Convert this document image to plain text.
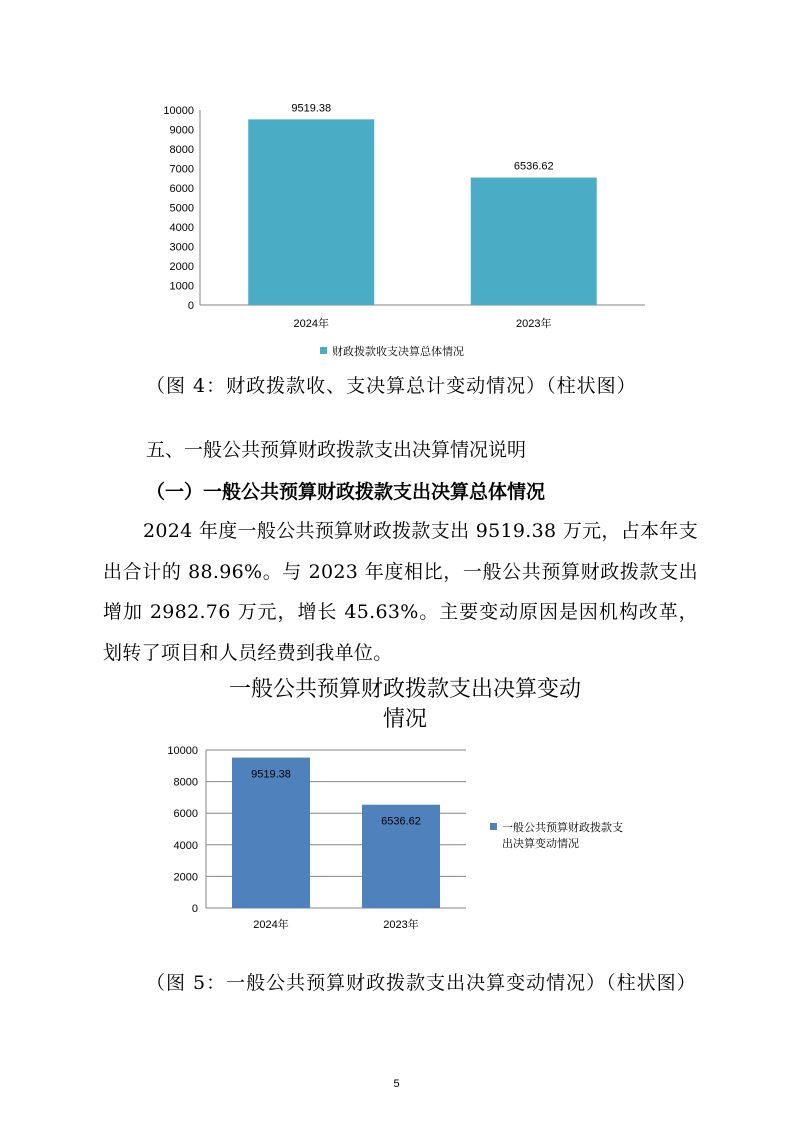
0
1000
2000
3000
4000
5000
6000
7000
8000
9000
10000	9519.38
2024年
6536.62
2023年
财政拨款收支决算总体情况
（图 4：财政拨款收、支决算总计变动情况）（柱状图）
五、一般公共预算财政拨款支出决算情况说明
（一）一般公共预算财政拨款支出决算总体情况
2024 年度一般公共预算财政拨款支出 9519.38 万元，占本年支出合计的 88.96%。与 2023 年度相比，一般公共预算财政拨款支出增加 2982.76 万元，增长 45.63%。主要变动原因是因机构改革，划转了项目和人员经费到我单位。
一般公共预算财政拨款支出决算变动
情况
0
2000
4000
6000
8000
10000
9519.38
2024年
6536.62
2023年
一般公共预算财政拨款支
出决算变动情况
（图 5：一般公共预算财政拨款支出决算变动情况）（柱状图）
5
